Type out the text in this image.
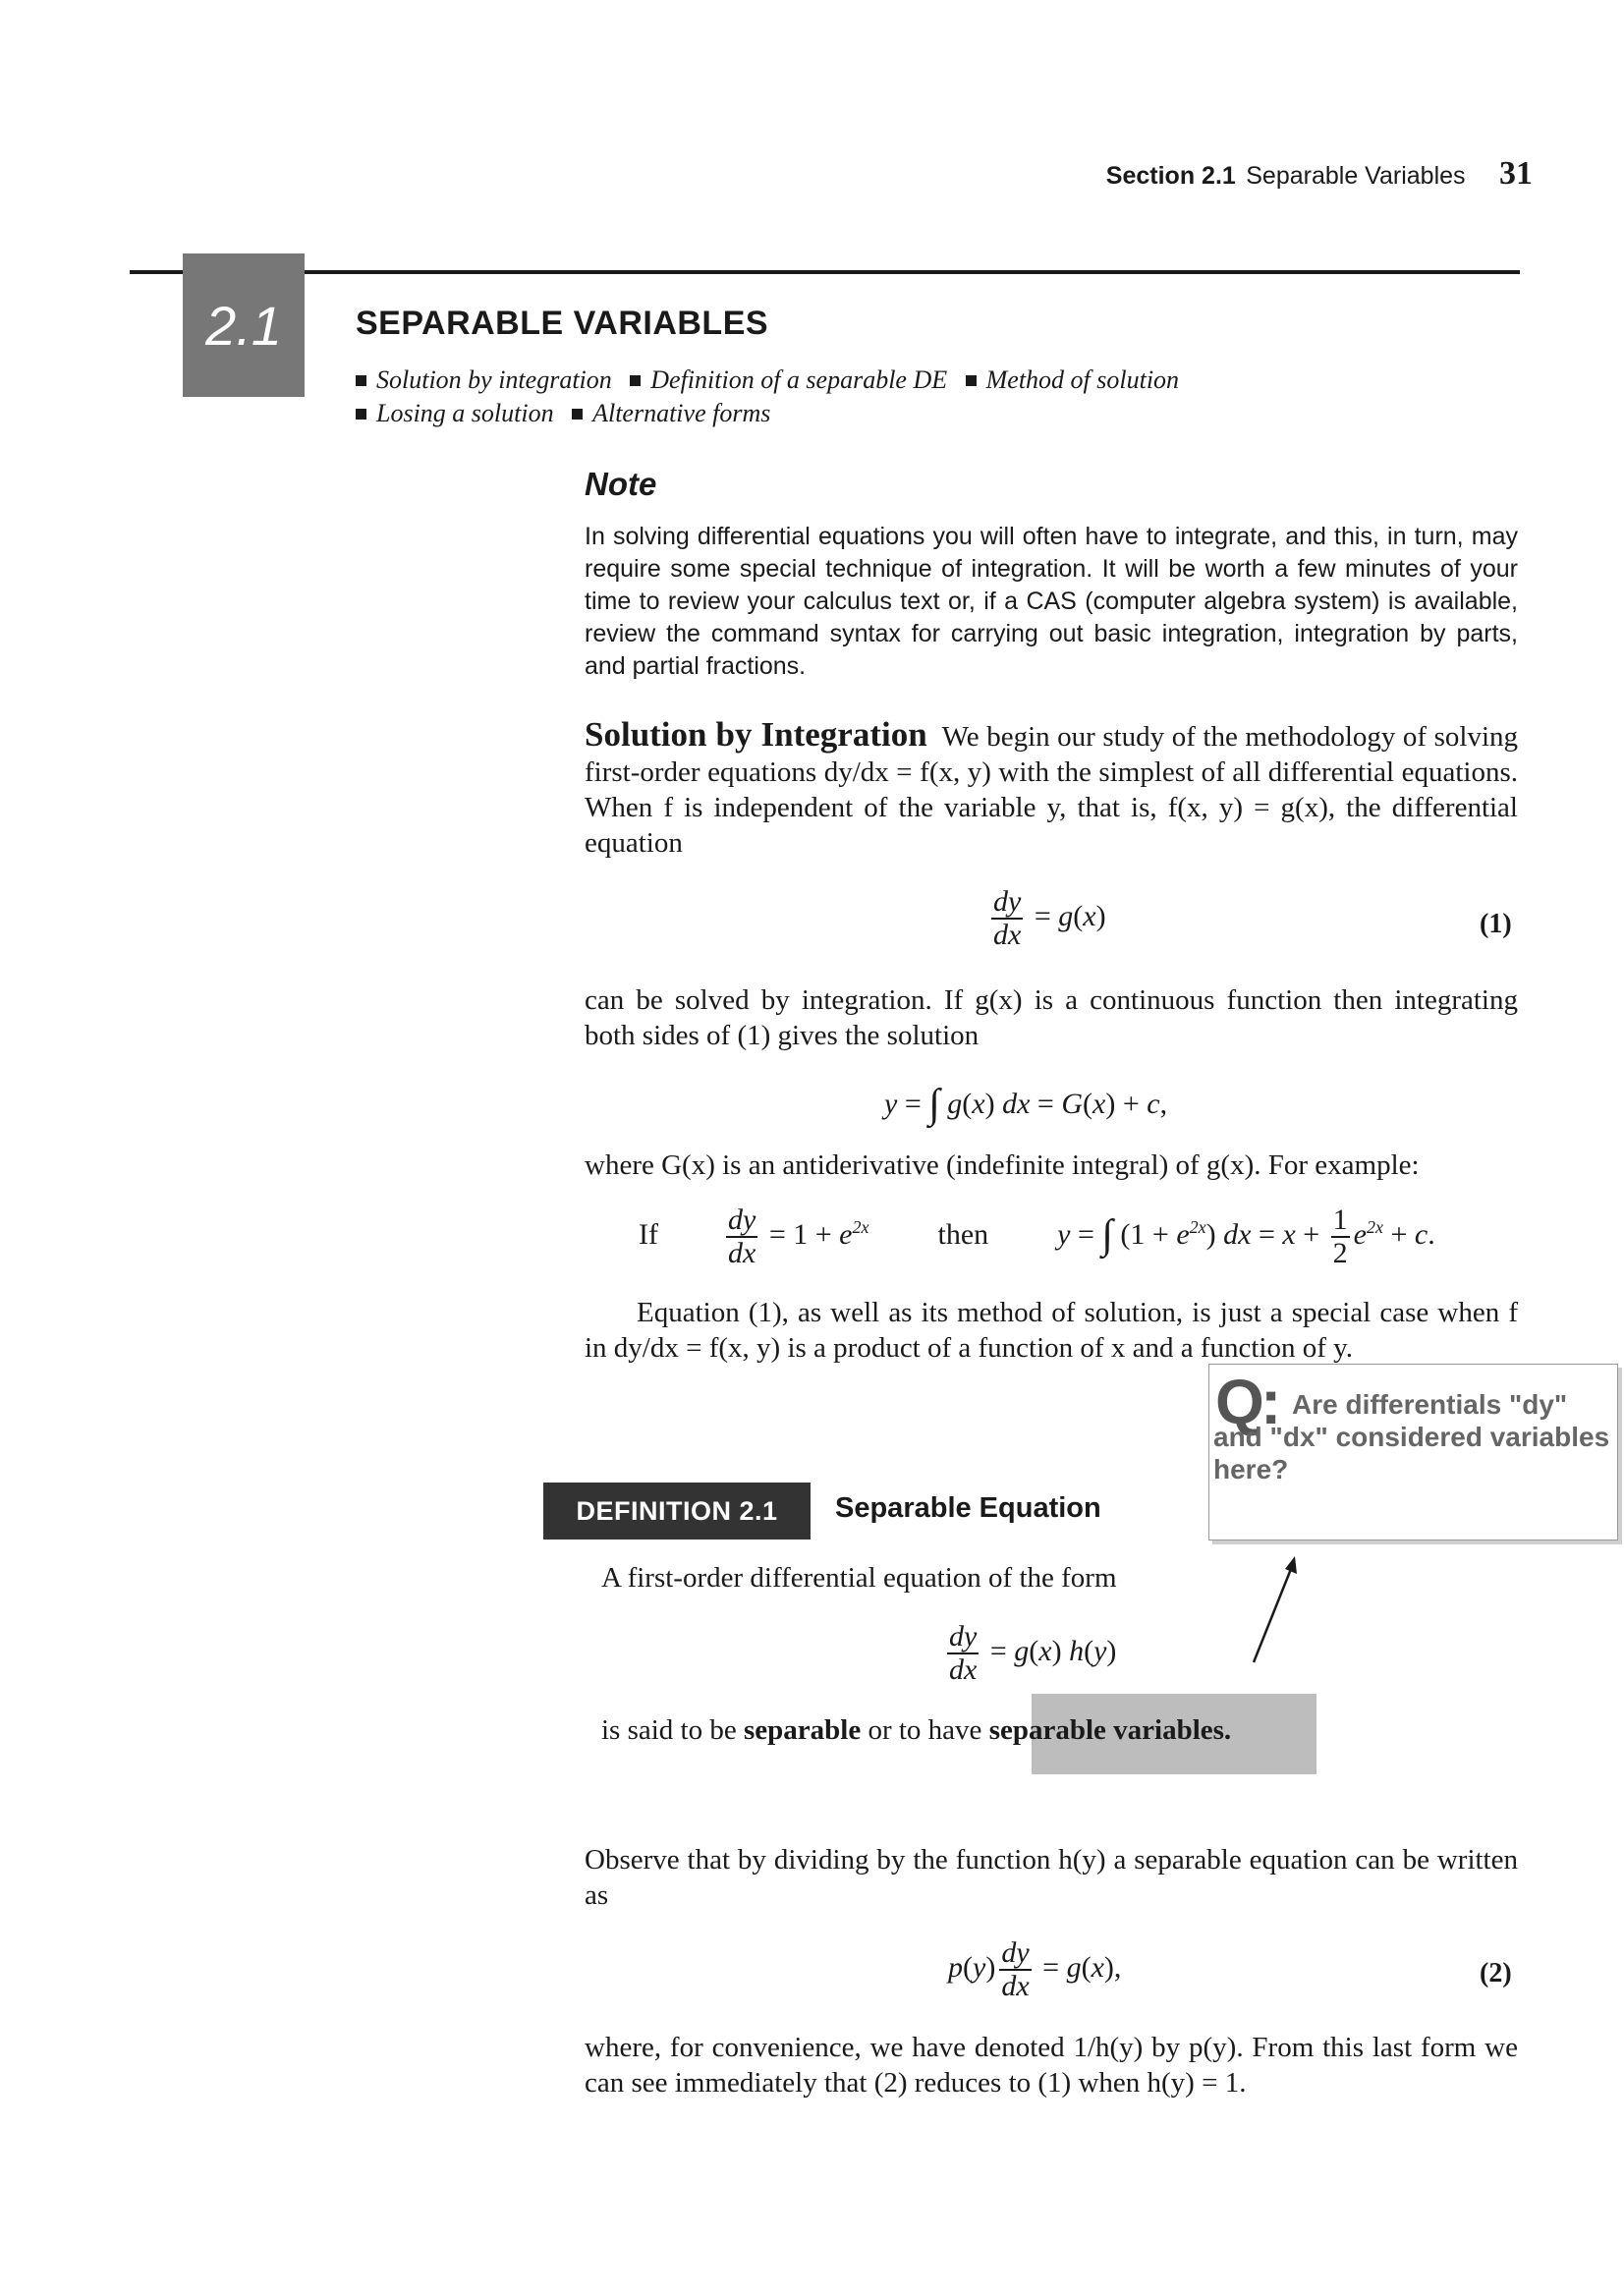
Section 2.1 Separable Variables 31
2.1	SEPARABLE VARIABLES
Solution by integration Definition of a separable DE Method of solution
Losing a solution Alternative forms
Note
In solving differential equations you will often have to integrate, and this, in turn, may require some special technique of integration. It will be worth a few minutes of your time to review your calculus text or, if a CAS (computer algebra system) is available, review the command syntax for carrying out basic integration, integration by parts, and partial fractions.
Solution by Integration We begin our study of the methodology of solving first-order equations dy/dx = f(x, y) with the simplest of all differential equations. When f is independent of the variable y, that is, f(x, y) = g(x), the differential equation
$\frac{dy}{dx} = g(x)$	(1)
can be solved by integration. If g(x) is a continuous function then integrating both sides of (1) gives the solution
y = ∫ g(x) dx = G(x) + c,
where G(x) is an antiderivative (indefinite integral) of g(x). For example:
If $\frac{dy}{dx} = 1 + e^{2x}$ then  y = ∫ $(1 + e^{2x})$ dx = $x + \frac{1}{2} e^{2x} + c$.
Equation (1), as well as its method of solution, is just a special case when f in dy/dx = f(x, y) is a product of a function of x and a function of y.
DEFINITION 2.1	Separable Equation
A first-order differential equation of the form
$\frac{dy}{dx} = g(x)$ h(y)
is said to be separable or to have separable variables.
Q	Are differentials "dy" and "dx" considered variables here?
:
Observe that by dividing by the function h(y) a separable equation can be written as
$p(y) \frac{dy}{dx} = g(x)$,	(2)
where, for convenience, we have denoted 1/h(y) by p(y). From this last form we can see immediately that (2) reduces to (1) when h(y) = 1.
